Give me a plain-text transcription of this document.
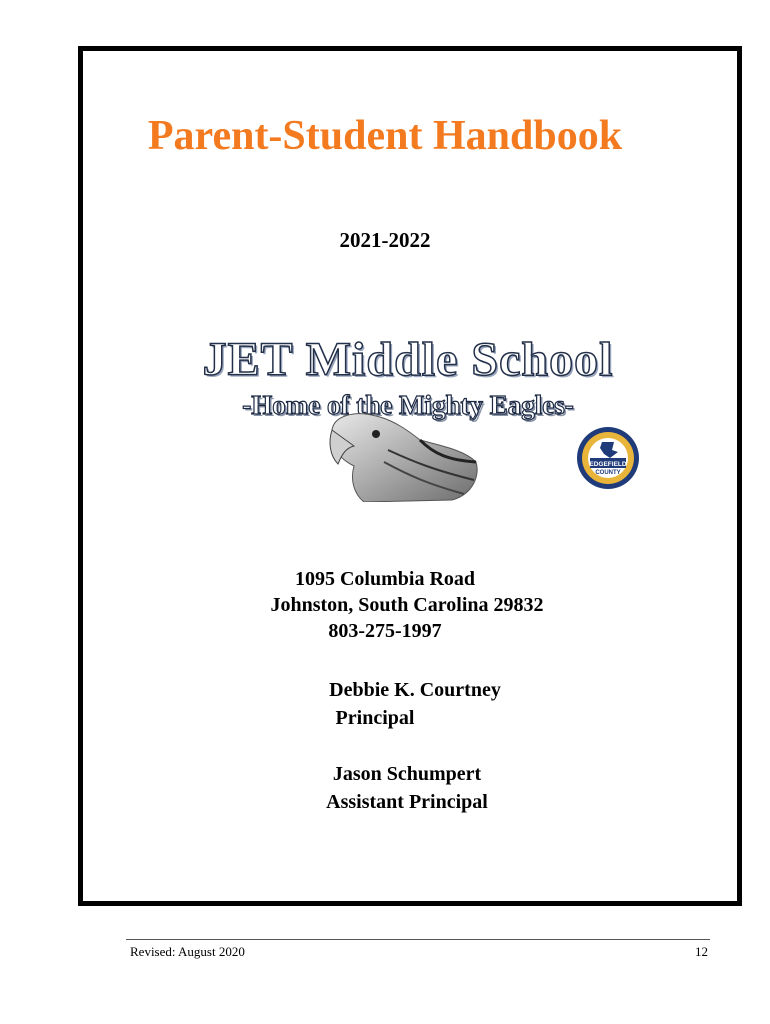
Parent-Student Handbook
2021-2022
JET Middle School
-Home of the Mighty Eagles-
EDGEFIELD
COUNTY
1095 Columbia Road
Johnston, South Carolina 29832
803-275-1997
Debbie K. Courtney
Principal
Jason Schumpert
Assistant Principal
Revised: August 2020	12
